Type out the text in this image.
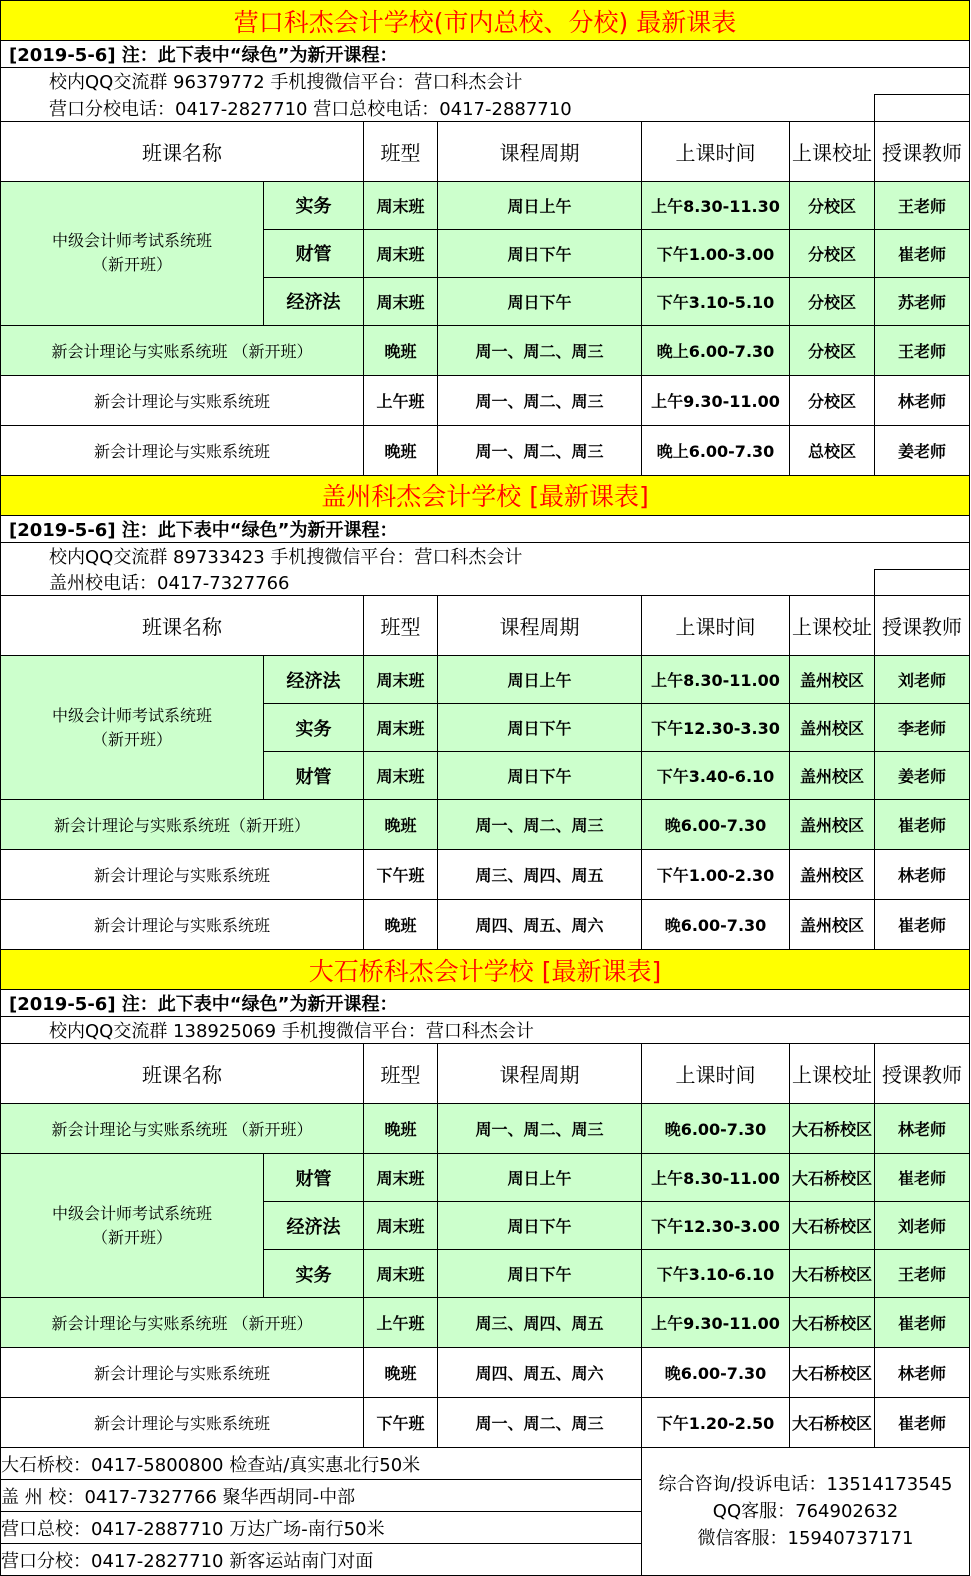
营口科杰会计学校(市内总校、分校) 最新课表						
[2019-5-6] 注：此下表中“绿色”为新开课程：						
校内QQ交流群 96379772 手机搜微信平台：营口科杰会计						
营口分校电话：0417-2827710 营口总校电话：0417-2887710						
班课名称		班型	课程周期	上课时间	上课校址	授课教师

中级会计师考试系统班
（新开班）	实务	周末班	周日上午	上午8.30-11.30	分校区	王老师
	财管	周末班	周日下午	下午1.00-3.00	分校区	崔老师
	经济法	周末班	周日下午	下午3.10-5.10	分校区	苏老师
新会计理论与实账系统班 （新开班）		晚班	周一、周二、周三	晚上6.00-7.30	分校区	王老师
新会计理论与实账系统班		上午班	周一、周二、周三	上午9.30-11.00	分校区	林老师
新会计理论与实账系统班		晚班	周一、周二、周三	晚上6.00-7.30	总校区	姜老师
盖州科杰会计学校 [最新课表]						
[2019-5-6] 注：此下表中“绿色”为新开课程：						
校内QQ交流群 89733423 手机搜微信平台：营口科杰会计						
盖州校电话：0417-7327766						
班课名称		班型	课程周期	上课时间	上课校址	授课教师

中级会计师考试系统班
（新开班）	经济法	周末班	周日上午	上午8.30-11.00	盖州校区	刘老师
	实务	周末班	周日下午	下午12.30-3.30	盖州校区	李老师
	财管	周末班	周日下午	下午3.40-6.10	盖州校区	姜老师
新会计理论与实账系统班（新开班）		晚班	周一、周二、周三	晚6.00-7.30	盖州校区	崔老师
新会计理论与实账系统班		下午班	周三、周四、周五	下午1.00-2.30	盖州校区	林老师
新会计理论与实账系统班		晚班	周四、周五、周六	晚6.00-7.30	盖州校区	崔老师
大石桥科杰会计学校 [最新课表]						
[2019-5-6] 注：此下表中“绿色”为新开课程：						
校内QQ交流群 138925069 手机搜微信平台：营口科杰会计						
班课名称		班型	课程周期	上课时间	上课校址	授课教师
新会计理论与实账系统班 （新开班）		晚班	周一、周二、周三	晚6.00-7.30	大石桥校区	林老师

中级会计师考试系统班
（新开班）	财管	周末班	周日上午	上午8.30-11.00	大石桥校区	崔老师
	经济法	周末班	周日下午	下午12.30-3.00	大石桥校区	刘老师
	实务	周末班	周日下午	下午3.10-6.10	大石桥校区	王老师
新会计理论与实账系统班 （新开班）		上午班	周三、周四、周五	上午9.30-11.00	大石桥校区	崔老师
新会计理论与实账系统班		晚班	周四、周五、周六	晚6.00-7.30	大石桥校区	林老师
新会计理论与实账系统班		下午班	周一、周二、周三	下午1.20-2.50	大石桥校区	崔老师
大石桥校：0417-5800800 检查站/真实惠北行50米	
综合咨询/投诉电话：13514173545
QQ客服：764902632
微信客服：15940737171

盖 州 校：0417-7327766 聚华西胡同-中部
营口总校：0417-2887710 万达广场-南行50米
营口分校：0417-2827710 新客运站南门对面
